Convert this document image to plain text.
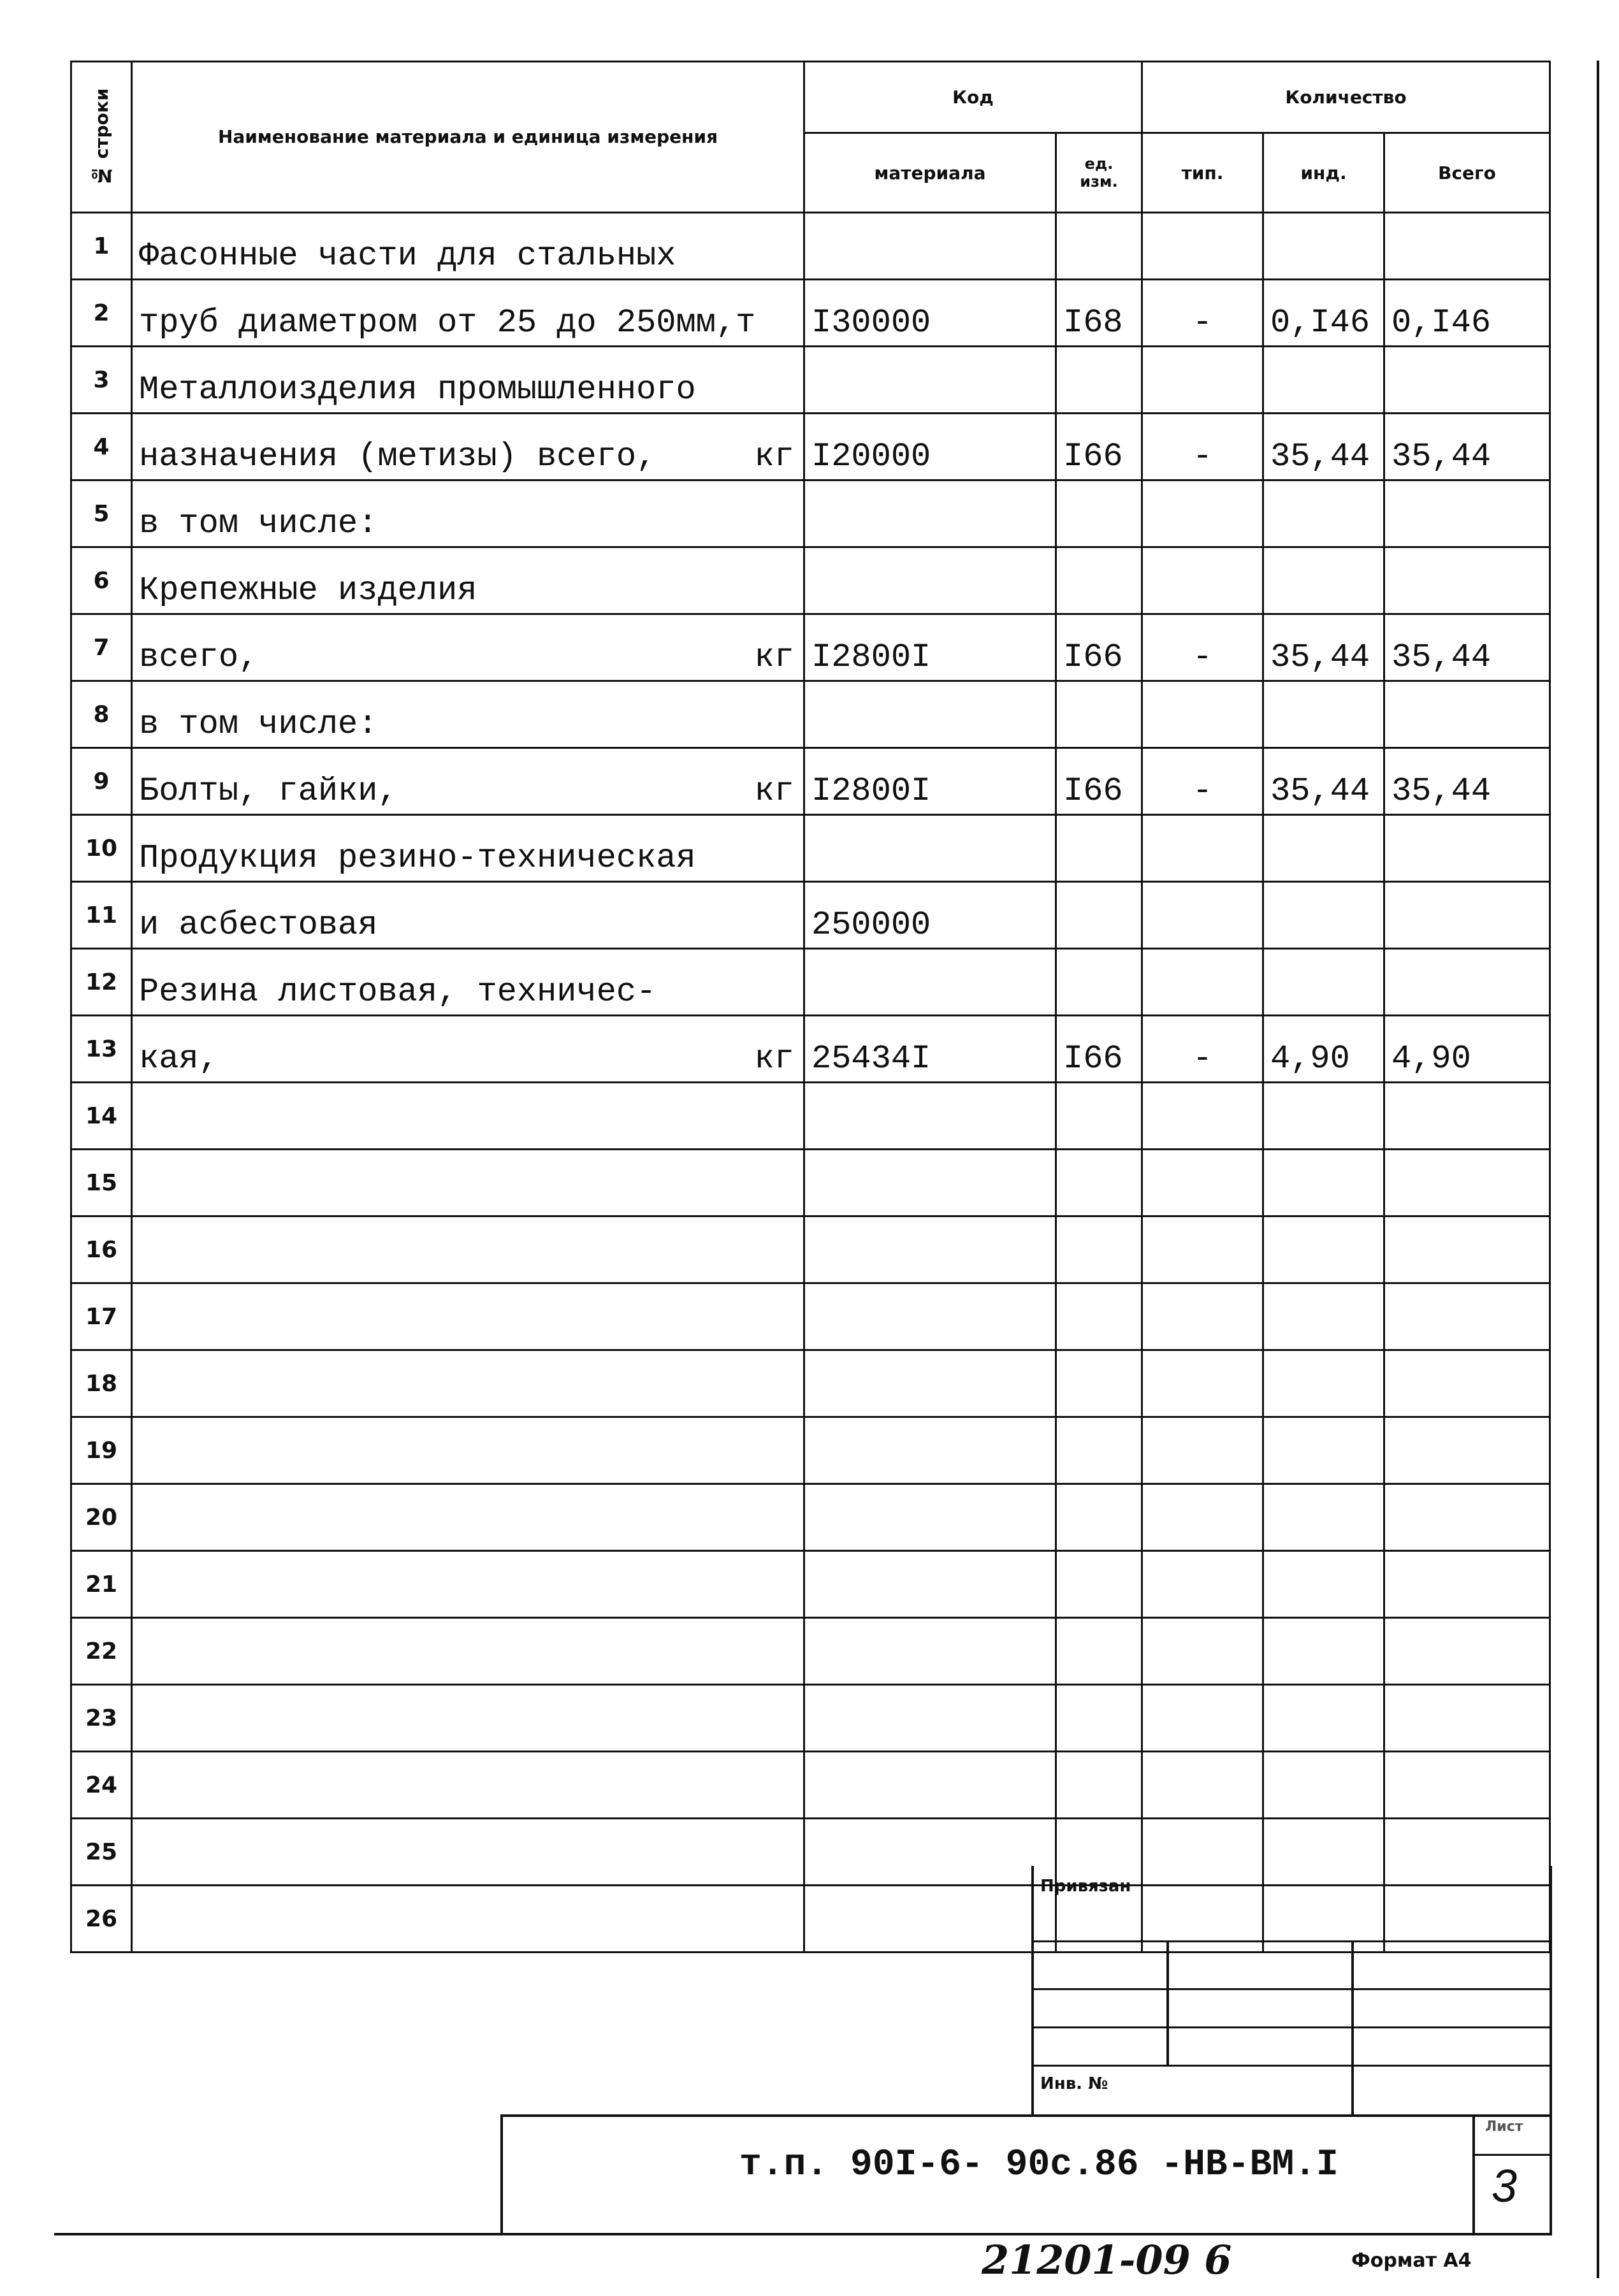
№ строки	Наименование материала и единица измерения	Код		Количество		
		материала	ед. изм.	тип.	инд.	Всего
1	Фасонные части для стальных

2	труб диаметром от 25 до 250мм,т	I30000	I68	-	0,I46	0,I46
3	Металлоизделия промышленного

4	назначения (метизы) всего, кг	I20000	I66	-	35,44	35,44
5	в том числе:

6	Крепежные изделия

7	всего, кг	I2800I	I66	-	35,44	35,44
8	в том числе:

9	Болты, гайки, кг	I2800I	I66	-	35,44	35,44
10	Продукция резино-техническая

11	и асбестовая	250000				
12	Резина листовая, техничес-

13	кая, кг	25434I	I66	-	4,90	4,90
14	

15	

16	

17	

18	

19	

20	

21	

22	

23	

24	

25	

26	

Привязан
Инв. №
т.п. 90I-6- 90с.86 -НВ-ВМ.I
Лист
3
21201-09 6	Формат А4
